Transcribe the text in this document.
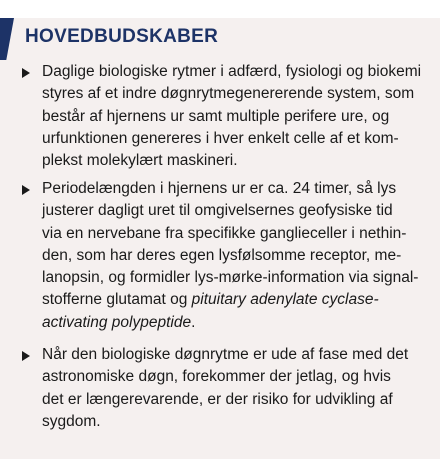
HOVEDBUDSKABER
Daglige biologiske rytmer i adfærd, fysiologi og biokemi
styres af et indre døgnrytmegenererende system, som
består af hjernens ur samt multiple perifere ure, og
urfunktionen genereres i hver enkelt celle af et kom-
plekst molekylært maskineri.
Periodelængden i hjernens ur er ca. 24 timer, så lys
justerer dagligt uret til omgivelsernes geofysiske tid
via en nervebane fra specifikke ganglieceller i nethin-
den, som har deres egen lysfølsomme receptor, me-
lanopsin, og formidler lys-mørke-information via signal-
stofferne glutamat og pituitary adenylate cyclase-
activating polypeptide.
Når den biologiske døgnrytme er ude af fase med det
astronomiske døgn, forekommer der jetlag, og hvis
det er længerevarende, er der risiko for udvikling af
sygdom.
